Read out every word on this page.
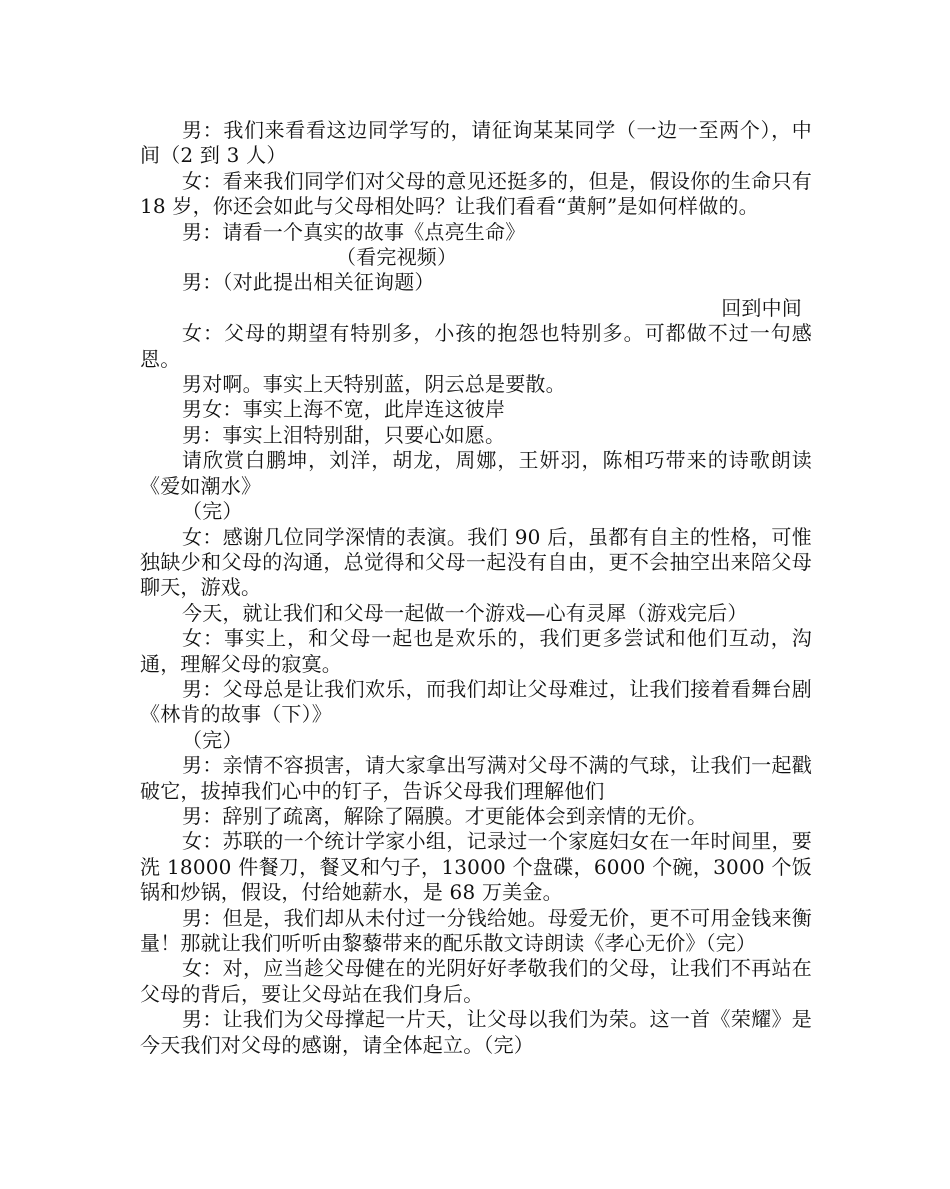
男：我们来看看这边同学写的，请征询某某同学（一边一至两个），中间（2 到 3 人）

女：看来我们同学们对父母的意见还挺多的，但是，假设你的生命只有 18 岁，你还会如此与父母相处吗？让我们看看“黄舸”是如何样做的。

男：请看一个真实的故事《点亮生命》

（看完视频）

男：（对此提出相关征询题）

回到中间

女：父母的期望有特别多，小孩的抱怨也特别多。可都做不过一句感恩。

男对啊。事实上天特别蓝，阴云总是要散。

男女：事实上海不宽，此岸连这彼岸

男：事实上泪特别甜，只要心如愿。

请欣赏白鹏坤，刘洋，胡龙，周娜，王妍羽，陈相巧带来的诗歌朗读《爱如潮水》

（完）

女：感谢几位同学深情的表演。我们 90 后，虽都有自主的性格，可惟独缺少和父母的沟通，总觉得和父母一起没有自由，更不会抽空出来陪父母聊天，游戏。

今天，就让我们和父母一起做一个游戏—心有灵犀（游戏完后）

女：事实上，和父母一起也是欢乐的，我们更多尝试和他们互动，沟通，理解父母的寂寞。

男：父母总是让我们欢乐，而我们却让父母难过，让我们接着看舞台剧《林肯的故事（下）》

（完）

男：亲情不容损害，请大家拿出写满对父母不满的气球，让我们一起戳破它，拔掉我们心中的钉子，告诉父母我们理解他们

男：辞别了疏离，解除了隔膜。才更能体会到亲情的无价。

女：苏联的一个统计学家小组，记录过一个家庭妇女在一年时间里，要洗 18000 件餐刀，餐叉和勺子，13000 个盘碟，6000 个碗，3000 个饭锅和炒锅，假设，付给她薪水，是 68 万美金。

男：但是，我们却从未付过一分钱给她。母爱无价，更不可用金钱来衡量！那就让我们听听由黎藜带来的配乐散文诗朗读《孝心无价》（完）

女：对，应当趁父母健在的光阴好好孝敬我们的父母，让我们不再站在父母的背后，要让父母站在我们身后。

男：让我们为父母撑起一片天，让父母以我们为荣。这一首《荣耀》是今天我们对父母的感谢，请全体起立。（完）
